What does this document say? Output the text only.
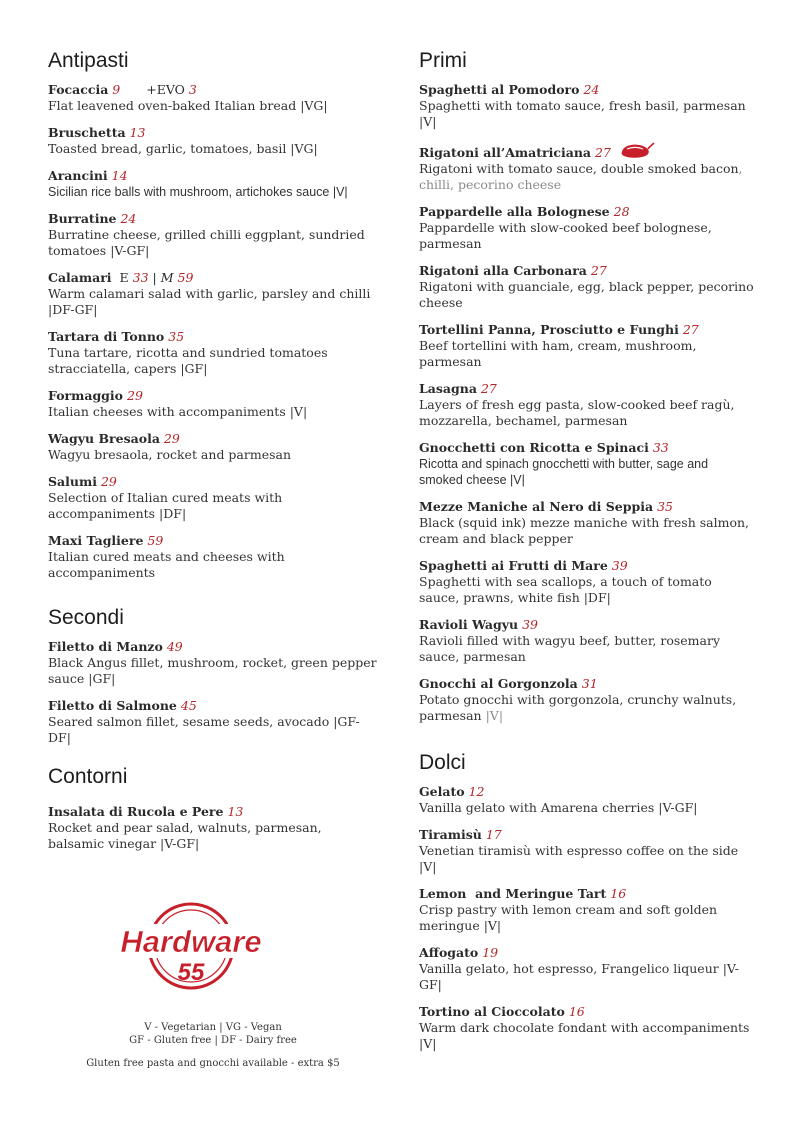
Antipasti
Focaccia 9 +EVO 3
Flat leavened oven-baked Italian bread |VG|
Bruschetta 13
Toasted bread, garlic, tomatoes, basil |VG|
Arancini 14
Sicilian rice balls with mushroom, artichokes sauce |V|
Burratine 24
Burratine cheese, grilled chilli eggplant, sundried tomatoes |V-GF|
Calamari E 33 | M 59
Warm calamari salad with garlic, parsley and chilli |DF-GF|
Tartara di Tonno 35
Tuna tartare, ricotta and sundried tomatoes stracciatella, capers |GF|
Formaggio 29
Italian cheeses with accompaniments |V|
Wagyu Bresaola 29
Wagyu bresaola, rocket and parmesan
Salumi 29
Selection of Italian cured meats with accompaniments |DF|
Maxi Tagliere 59
Italian cured meats and cheeses with accompaniments
Secondi
Filetto di Manzo 49
Black Angus fillet, mushroom, rocket, green pepper sauce |GF|
Filetto di Salmone 45
Seared salmon fillet, sesame seeds, avocado |GF-DF|
Contorni
Insalata di Rucola e Pere 13
Rocket and pear salad, walnuts, parmesan, balsamic vinegar |V-GF|
Hardware
55
V - Vegetarian | VG - Vegan
GF - Gluten free | DF - Dairy free
Gluten free pasta and gnocchi available - extra $5
Primi
Spaghetti al Pomodoro 24
Spaghetti with tomato sauce, fresh basil, parmesan |V|
Rigatoni all’Amatriciana 27
Rigatoni with tomato sauce, double smoked bacon, chilli, pecorino cheese
Pappardelle alla Bolognese 28
Pappardelle with slow-cooked beef bolognese, parmesan
Rigatoni alla Carbonara 27
Rigatoni with guanciale, egg, black pepper, pecorino cheese
Tortellini Panna, Prosciutto e Funghi 27
Beef tortellini with ham, cream, mushroom, parmesan
Lasagna 27
Layers of fresh egg pasta, slow-cooked beef ragù, mozzarella, bechamel, parmesan
Gnocchetti con Ricotta e Spinaci 33
Ricotta and spinach gnocchetti with butter, sage and smoked cheese |V|
Mezze Maniche al Nero di Seppia 35
Black (squid ink) mezze maniche with fresh salmon, cream and black pepper
Spaghetti ai Frutti di Mare 39
Spaghetti with sea scallops, a touch of tomato sauce, prawns, white fish |DF|
Ravioli Wagyu 39
Ravioli filled with wagyu beef, butter, rosemary sauce, parmesan
Gnocchi al Gorgonzola 31
Potato gnocchi with gorgonzola, crunchy walnuts, parmesan |V|
Dolci
Gelato 12
Vanilla gelato with Amarena cherries |V-GF|
Tiramisù 17
Venetian tiramisù with espresso coffee on the side |V|
Lemon  and Meringue Tart 16
Crisp pastry with lemon cream and soft golden meringue |V|
Affogato 19
Vanilla gelato, hot espresso, Frangelico liqueur |V-GF|
Tortino al Cioccolato 16
Warm dark chocolate fondant with accompaniments |V|
